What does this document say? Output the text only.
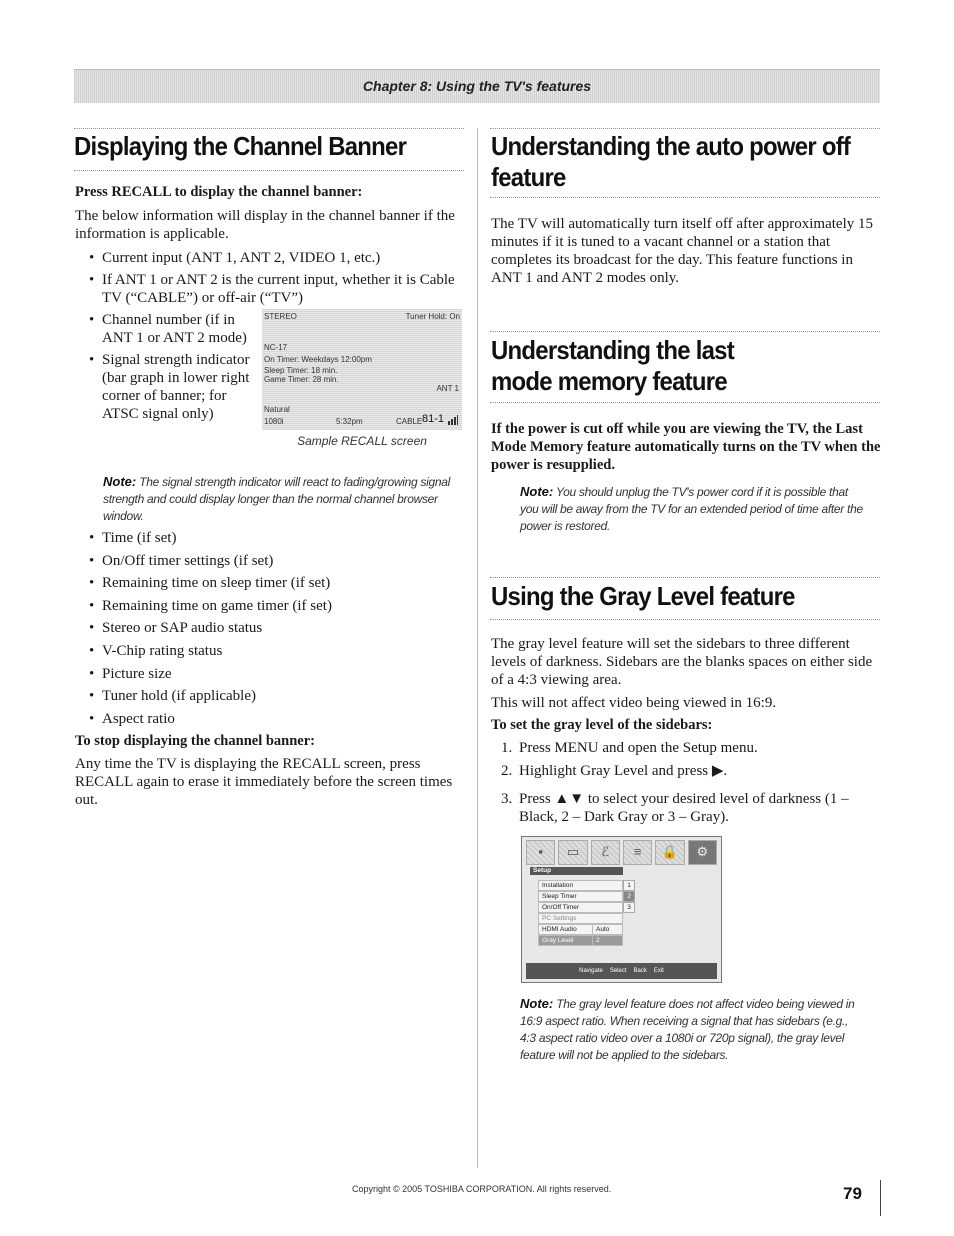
Chapter 8: Using the TV's features
Displaying the Channel Banner

Press RECALL to display the channel banner:

The below information will display in the channel banner if the information is applicable.

• Current input (ANT 1, ANT 2, VIDEO 1, etc.)
• If ANT 1 or ANT 2 is the current input, whether it is Cable TV (“CABLE”) or off-air (“TV”)
• Channel number (if in ANT 1 or ANT 2 mode)
• Signal strength indicator (bar graph in lower right corner of banner; for ATSC signal only)
STEREO	Tuner Hold: On
NC-17
On Timer: Weekdays 12:00pm
Sleep Timer: 18 min.
Game Timer: 28 min.
ANT 1
Natural
1080i	5:32pm	CABLE 81-1
Sample RECALL screen

Note: The signal strength indicator will react to fading/growing signal strength and could display longer than the normal channel browser window.

• Time (if set)
• On/Off timer settings (if set)
• Remaining time on sleep timer (if set)
• Remaining time on game timer (if set)
• Stereo or SAP audio status
• V-Chip rating status
• Picture size
• Tuner hold (if applicable)
• Aspect ratio

To stop displaying the channel banner:

Any time the TV is displaying the RECALL screen, press RECALL again to erase it immediately before the screen times out.

Understanding the auto power off feature

The TV will automatically turn itself off after approximately 15 minutes if it is tuned to a vacant channel or a station that completes its broadcast for the day. This feature functions in ANT 1 and ANT 2 modes only.

Understanding the last mode memory feature

If the power is cut off while you are viewing the TV, the Last Mode Memory feature automatically turns on the TV when the power is resupplied.

Note: You should unplug the TV's power cord if it is possible that you will be away from the TV for an extended period of time after the power is restored.

Using the Gray Level feature

The gray level feature will set the sidebars to three different levels of darkness. Sidebars are the blanks spaces on either side of a 4:3 viewing area.

This will not affect video being viewed in 16:9.

To set the gray level of the sidebars:

1. Press MENU and open the Setup menu.
2. Highlight Gray Level and press ▶.
3. Press ▲▼ to select your desired level of darkness (1 – Black, 2 – Dark Gray or 3 – Gray).
▪	▭	ℰ	≡	🔒	⚙
Setup
Installation
Sleep Timer
On/Off Timer
PC Settings
HDMI Audio	Auto
Gray Level	2
1
2
3
Navigate Select Back Exit

Note: The gray level feature does not affect video being viewed in 16:9 aspect ratio. When receiving a signal that has sidebars (e.g., 4:3 aspect ratio video over a 1080i or 720p signal), the gray level feature will not be applied to the sidebars.

Copyright © 2005 TOSHIBA CORPORATION. All rights reserved.	79
